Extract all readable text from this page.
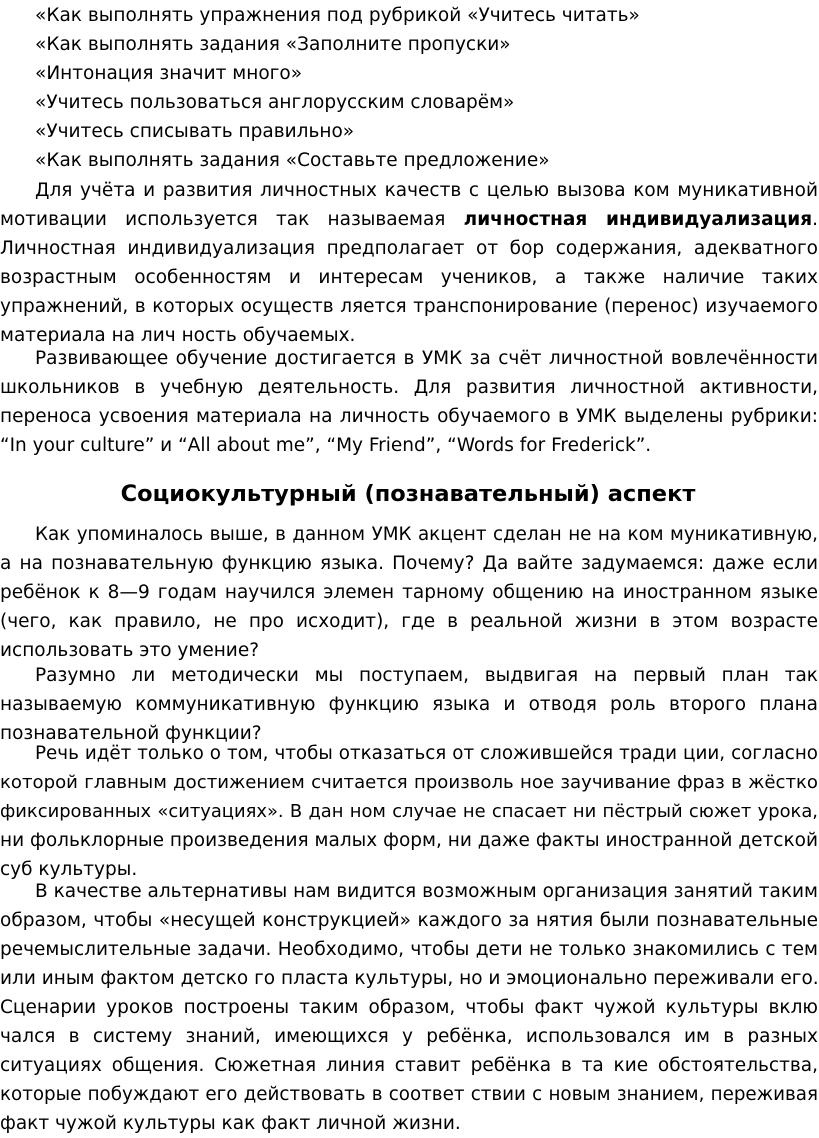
«Как выполнять упражнения под рубрикой «Учитесь читать»
«Как выполнять задания «Заполните пропуски»
«Интонация значит много»
«Учитесь пользоваться англорусским словарём»
«Учитесь списывать правильно»
«Как выполнять задания «Составьте предложение»
Для учёта и развития личностных качеств с целью вызова ком муникативной
мотивации используется так называемая личностная индивидуализация.
Личностная индивидуализация предполагает от бор содержания, адекватного
возрастным особенностям и интересам учеников, а также наличие таких
упражнений, в которых осуществ ляется транспонирование (перенос) изучаемого
материала на лич ность обучаемых.
Развивающее обучение достигается в УМК за счёт личностной вовлечённости
школьников в учебную деятельность. Для развития личностной активности,
переноса усвоения материала на личность обучаемого в УМК выделены рубрики:
“In your culture” и “All about me”, “My Friend”, “Words for Frederick”.
Социокультурный (познавательный) аспект
Как упоминалось выше, в данном УМК акцент сделан не на ком муникативную,
а на познавательную функцию языка. Почему? Да вайте задумаемся: даже если
ребёнок к 8—9 годам научился элемен тарному общению на иностранном языке
(чего, как правило, не про исходит), где в реальной жизни в этом возрасте
использовать это умение?
Разумно ли методически мы поступаем, выдвигая на первый план так
называемую коммуникативную функцию языка и отводя роль второго плана
познавательной функции?
Речь идёт только о том, чтобы отказаться от сложившейся тради ции, согласно
которой главным достижением считается произволь ное заучивание фраз в жёстко
фиксированных «ситуациях». В дан ном случае не спасает ни пёстрый сюжет урока,
ни фольклорные произведения малых форм, ни даже факты иностранной детской
суб культуры.
В качестве альтернативы нам видится возможным организация занятий таким
образом, чтобы «несущей конструкцией» каждого за нятия были познавательные
речемыслительные задачи. Необходимо, чтобы дети не только знакомились с тем
или иным фактом детско го пласта культуры, но и эмоционально переживали его.
Сценарии уроков построены таким образом, чтобы факт чужой культуры вклю
чался в систему знаний, имеющихся у ребёнка, использовался им в разных
ситуациях общения. Сюжетная линия ставит ребёнка в та кие обстоятельства,
которые побуждают его действовать в соответ ствии с новым знанием, переживая
факт чужой культуры как факт личной жизни.
